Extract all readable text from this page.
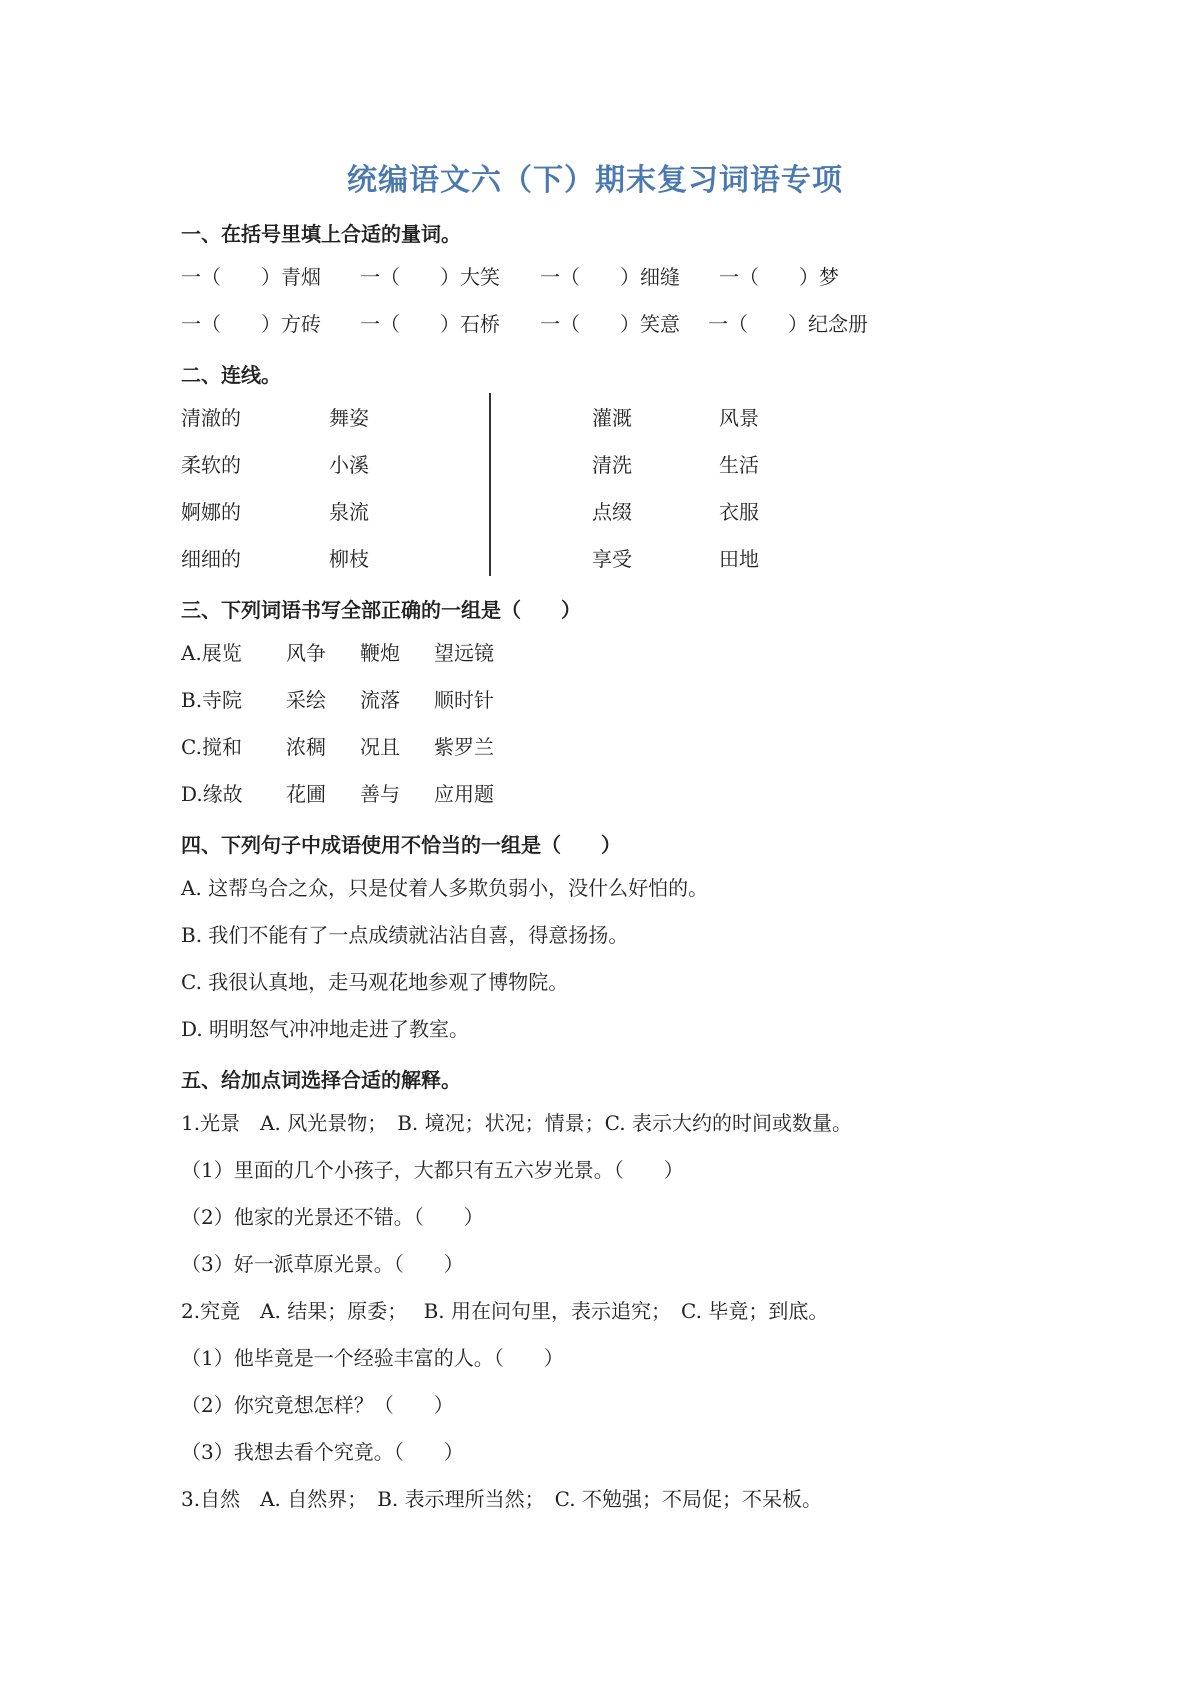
统编语文六（下）期末复习词语专项
一、在括号里填上合适的量词。
一（　　）青烟 一（　　）大笑 一（　　）细缝 一（　　）梦
一（　　）方砖 一（　　）石桥 一（　　）笑意 一（　　）纪念册
二、连线。
清澈的
柔软的
婀娜的
细细的
舞姿
小溪
泉流
柳枝
灌溉
清洗
点缀
享受
风景
生活
衣服
田地
三、下列词语书写全部正确的一组是（　　）
A.展览 风争 鞭炮 望远镜
B.寺院 采绘 流落 顺时针
C.搅和 浓稠 况且 紫罗兰
D.缘故 花圃 善与 应用题
四、下列句子中成语使用不恰当的一组是（　　）
A. 这帮乌合之众，只是仗着人多欺负弱小，没什么好怕的。
B. 我们不能有了一点成绩就沾沾自喜，得意扬扬。
C. 我很认真地，走马观花地参观了博物院。
D. 明明怒气冲冲地走进了教室。
五、给加点词选择合适的解释。
1.光景　A. 风光景物；　B. 境况；状况；情景；C. 表示大约的时间或数量。
（1）里面的几个小孩子，大都只有五六岁光景。（　　）
（2）他家的光景还不错。（　　）
（3）好一派草原光景。（　　）
2.究竟　A. 结果；原委；　 B. 用在问句里，表示追究；　C. 毕竟；到底。
（1）他毕竟是一个经验丰富的人。（　　）
（2）你究竟想怎样？（　　）
（3）我想去看个究竟。（　　）
3.自然　A. 自然界；　B. 表示理所当然；　C. 不勉强；不局促；不呆板。
